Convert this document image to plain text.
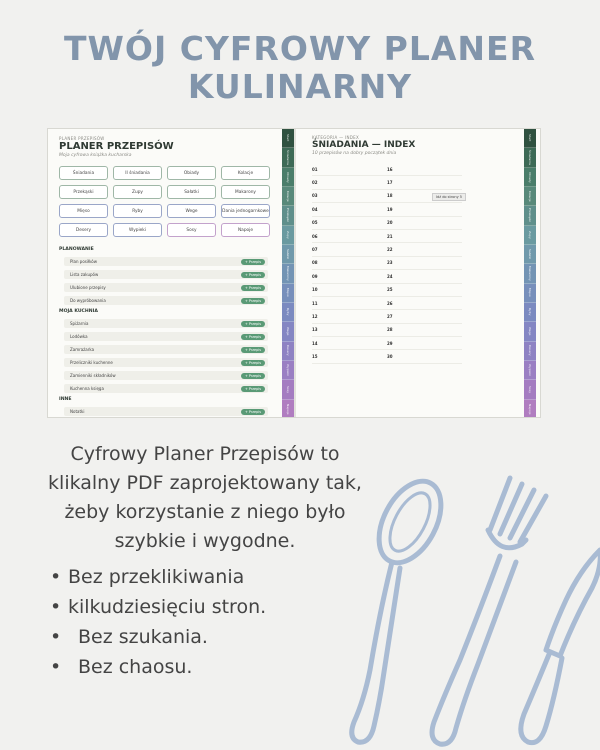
TWÓJ CYFROWY PLANER
KULINARNY
PLANER PRZEPISÓW
PLANER PRZEPISÓW
Moja cyfrowa książka kucharska
Śniadania	II śniadania	Obiady	Kolacje
Przekąski	Zupy	Sałatki	Makarony
Mięso	Ryby	Wege	Dania jednogarnkowe
Desery	Wypieki	Sosy	Napoje
PLANOWANIE
Plan posiłków	+ Przepis
Lista zakupów	+ Przepis
Ulubione przepisy	+ Przepis
Do wypróbowania	+ Przepis
MOJA KUCHNIA
Spiżarnia	+ Przepis
Lodówka	+ Przepis
Zamrażarka	+ Przepis
Przeliczniki kuchenne	+ Przepis
Zamienniki składników	+ Przepis
Kuchenna księga	+ Przepis
INNE
Notatki	+ Przepis
Start
Śniadania
Obiady
Kolacje
Przekąski
Zupy
Sałatki
Makarony
Mięso
Ryby
Wege
Desery
Wypieki
Sosy
Napoje
KATEGORIA — INDEX
ŚNIADANIA — INDEX
10 przepisów na dobry początek dnia
01	16
02	17
03	18
04	19
05	20
06	21
07	22
08	23
09	24
10	25
11	26
12	27
13	28
14	29
15	30
Idź do strony 5
Start
Śniadania
Obiady
Kolacje
Przekąski
Zupy
Sałatki
Makarony
Mięso
Ryby
Wege
Desery
Wypieki
Sosy
Napoje
Cyfrowy Planer Przepisów to
klikalny PDF zaprojektowany tak,
żeby korzystanie z niego było
szybkie i wygodne.
• Bez przeklikiwania
• kilkudziesięciu stron.
• Bez szukania.
• Bez chaosu.
